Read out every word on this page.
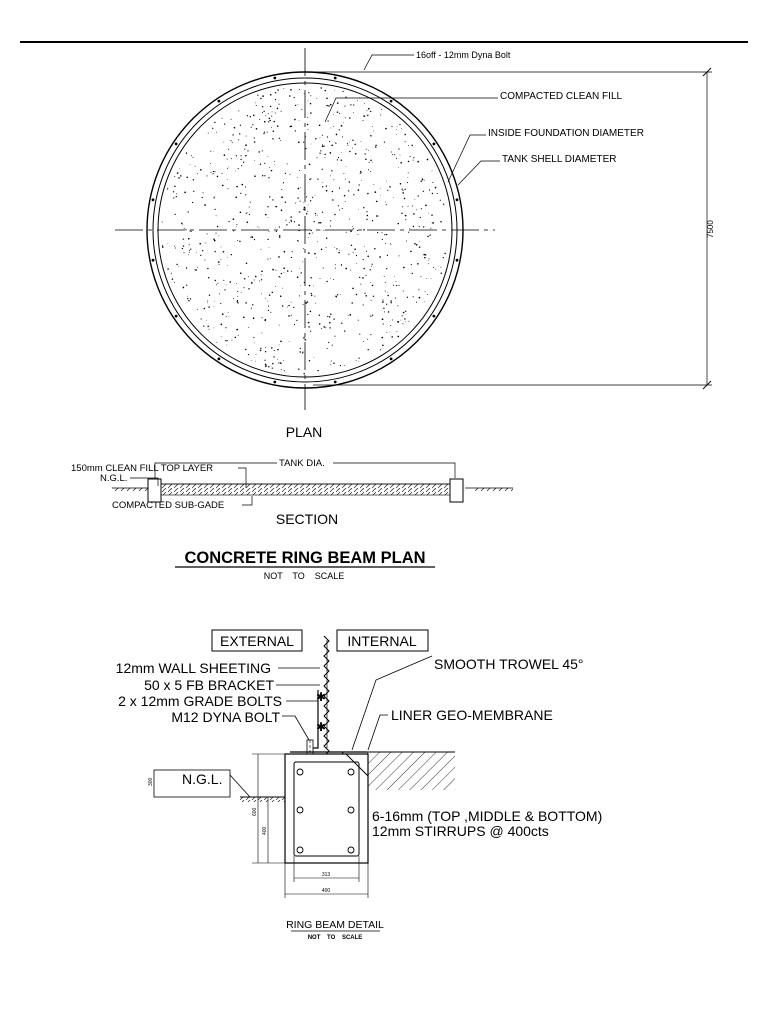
16off - 12mm Dyna Bolt
COMPACTED CLEAN FILL
INSIDE FOUNDATION DIAMETER
TANK SHELL DIAMETER
7500
PLAN
150mm CLEAN FILL TOP LAYER
N.G.L.
TANK DIA.
COMPACTED SUB-GADE
SECTION
CONCRETE RING BEAM PLAN
NOT    TO    SCALE
EXTERNAL	INTERNAL
✱
✱
12mm WALL SHEETING
50 x 5 FB BRACKET
2 x 12mm GRADE BOLTS
M12 DYNA BOLT
SMOOTH TROWEL 45°
LINER GEO-MEMBRANE
6-16mm (TOP ,MIDDLE & BOTTOM)
12mm STIRRUPS @ 400cts
N.G.L.
600
400
300
313
400
RING BEAM DETAIL
NOT    TO    SCALE
